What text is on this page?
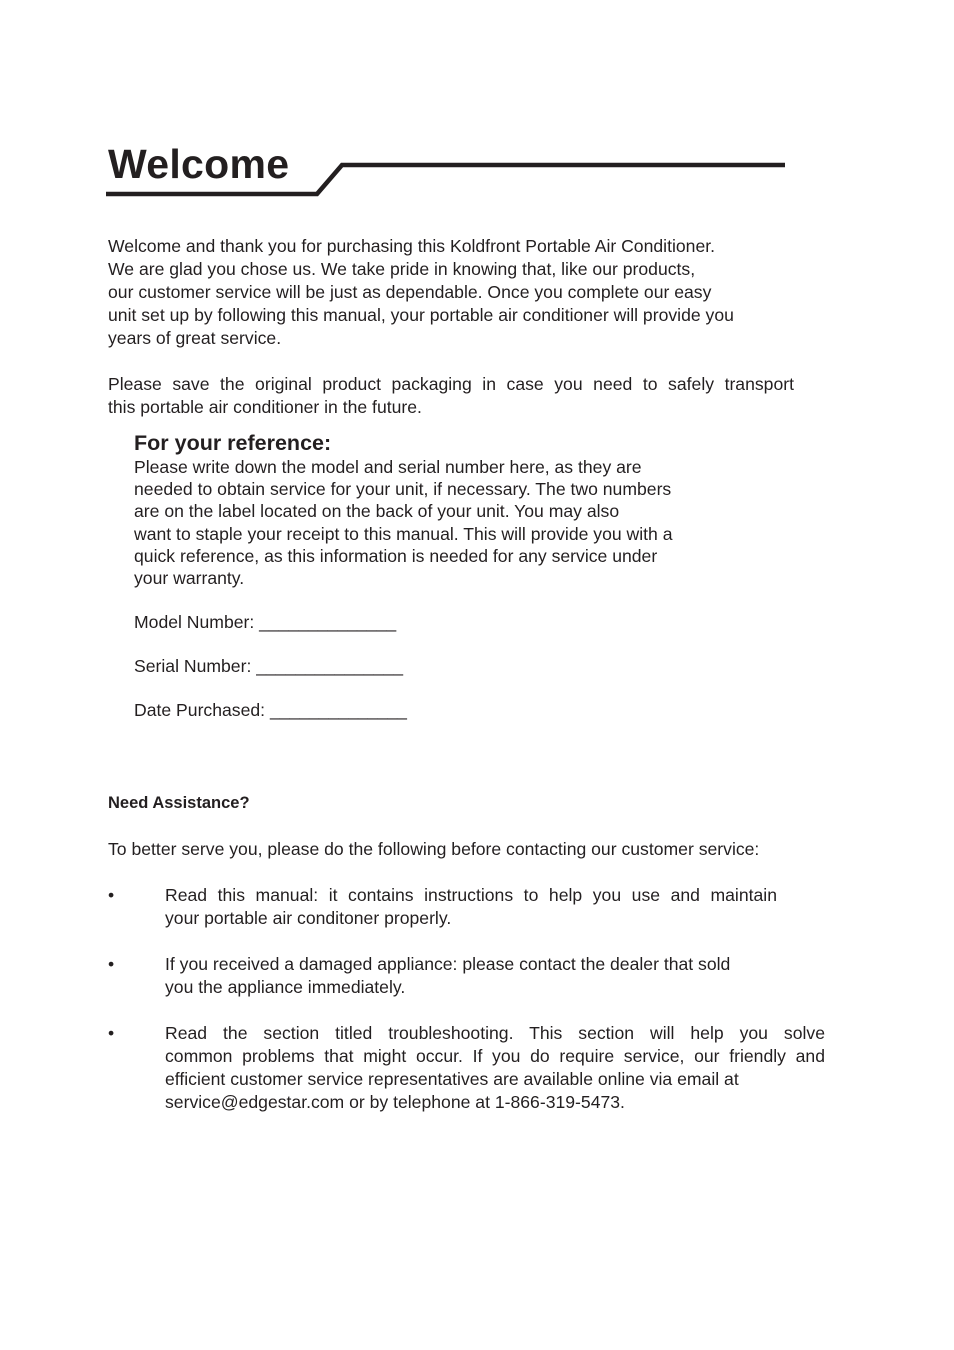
Welcome
Welcome and thank you for purchasing this Koldfront Portable Air Conditioner.
We are glad you chose us. We take pride in knowing that, like our products,
our customer service will be just as dependable. Once you complete our easy
unit set up by following this manual, your portable air conditioner will provide you
years of great service.
Please save the original product packaging in case you need to safely transport
this portable air conditioner in the future.
For your reference:
Please write down the model and serial number here, as they are
needed to obtain service for your unit, if necessary. The two numbers
are on the label located on the back of your unit. You may also
want to staple your receipt to this manual. This will provide you with a
quick reference, as this information is needed for any service under
your warranty.
Model Number: ______________
Serial Number: _______________
Date Purchased: ______________
Need Assistance?
To better serve you, please do the following before contacting our customer service:
•	Read this manual: it contains instructions to help you use and maintain
your portable air conditoner properly.
•	If you received a damaged appliance: please contact the dealer that sold
you the appliance immediately.
•	Read the section titled troubleshooting. This section will help you solve
common problems that might occur. If you do require service, our friendly and
efficient customer service representatives are available online via email at
service@edgestar.com or by telephone at 1-866-319-5473.
